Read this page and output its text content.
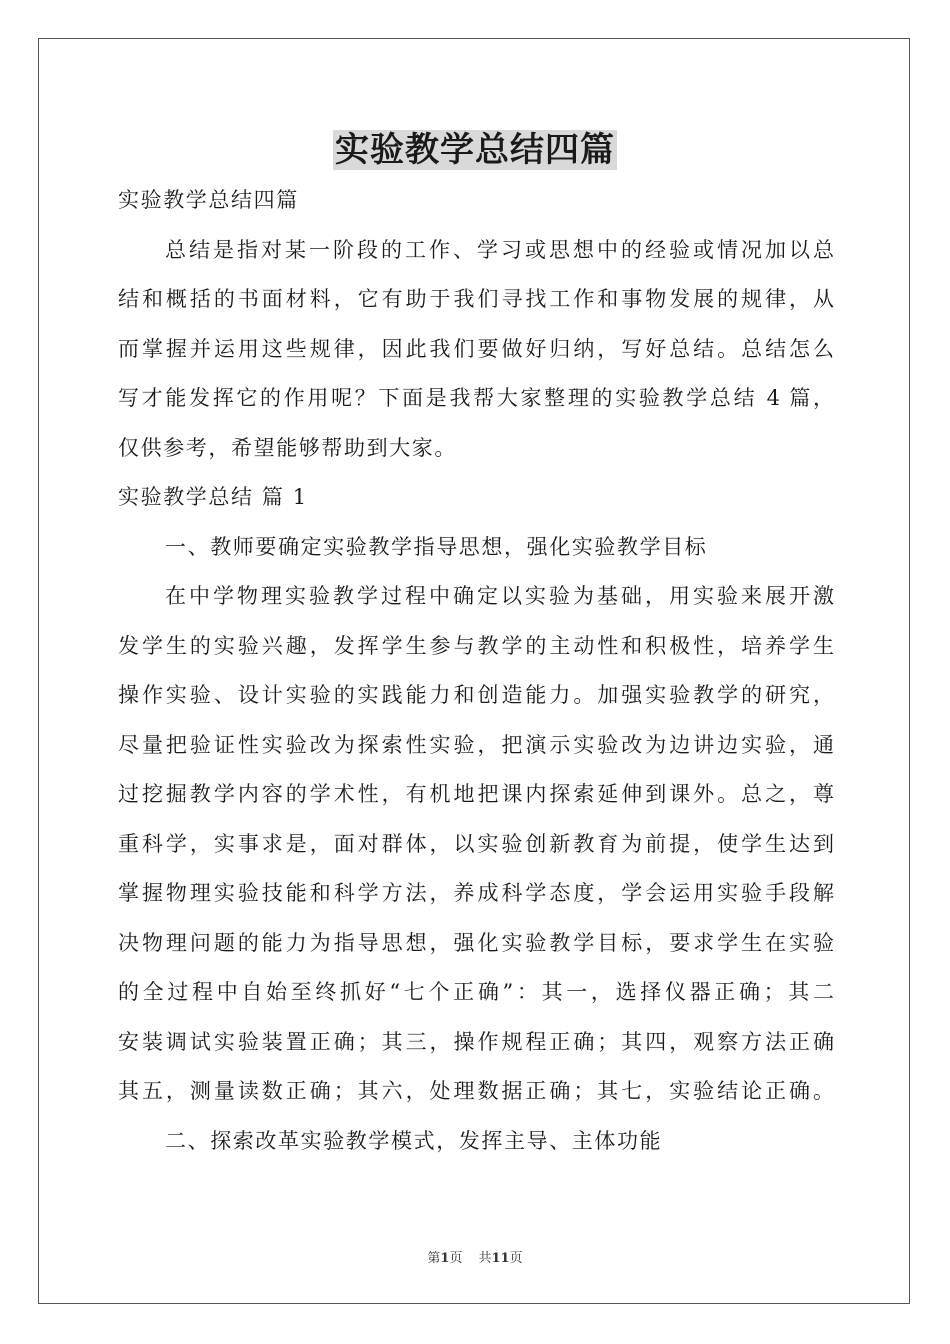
实验教学总结四篇

实验教学总结四篇

总结是指对某一阶段的工作、学习或思想中的经验或情况加以总

结和概括的书面材料，它有助于我们寻找工作和事物发展的规律，从

而掌握并运用这些规律，因此我们要做好归纳，写好总结。总结怎么

写才能发挥它的作用呢？下面是我帮大家整理的实验教学总结 4 篇，

仅供参考，希望能够帮助到大家。

实验教学总结 篇 1

一、教师要确定实验教学指导思想，强化实验教学目标

在中学物理实验教学过程中确定以实验为基础，用实验来展开激

发学生的实验兴趣，发挥学生参与教学的主动性和积极性，培养学生

操作实验、设计实验的实践能力和创造能力。加强实验教学的研究，

尽量把验证性实验改为探索性实验，把演示实验改为边讲边实验，通

过挖掘教学内容的学术性，有机地把课内探索延伸到课外。总之，尊

重科学，实事求是，面对群体，以实验创新教育为前提，使学生达到

掌握物理实验技能和科学方法，养成科学态度，学会运用实验手段解

决物理问题的能力为指导思想，强化实验教学目标，要求学生在实验

的全过程中自始至终抓好“七个正确”：其一，选择仪器正确；其二

安装调试实验装置正确；其三，操作规程正确；其四，观察方法正确

其五，测量读数正确；其六，处理数据正确；其七，实验结论正确。

二、探索改革实验教学模式，发挥主导、主体功能

第1页 共11页
